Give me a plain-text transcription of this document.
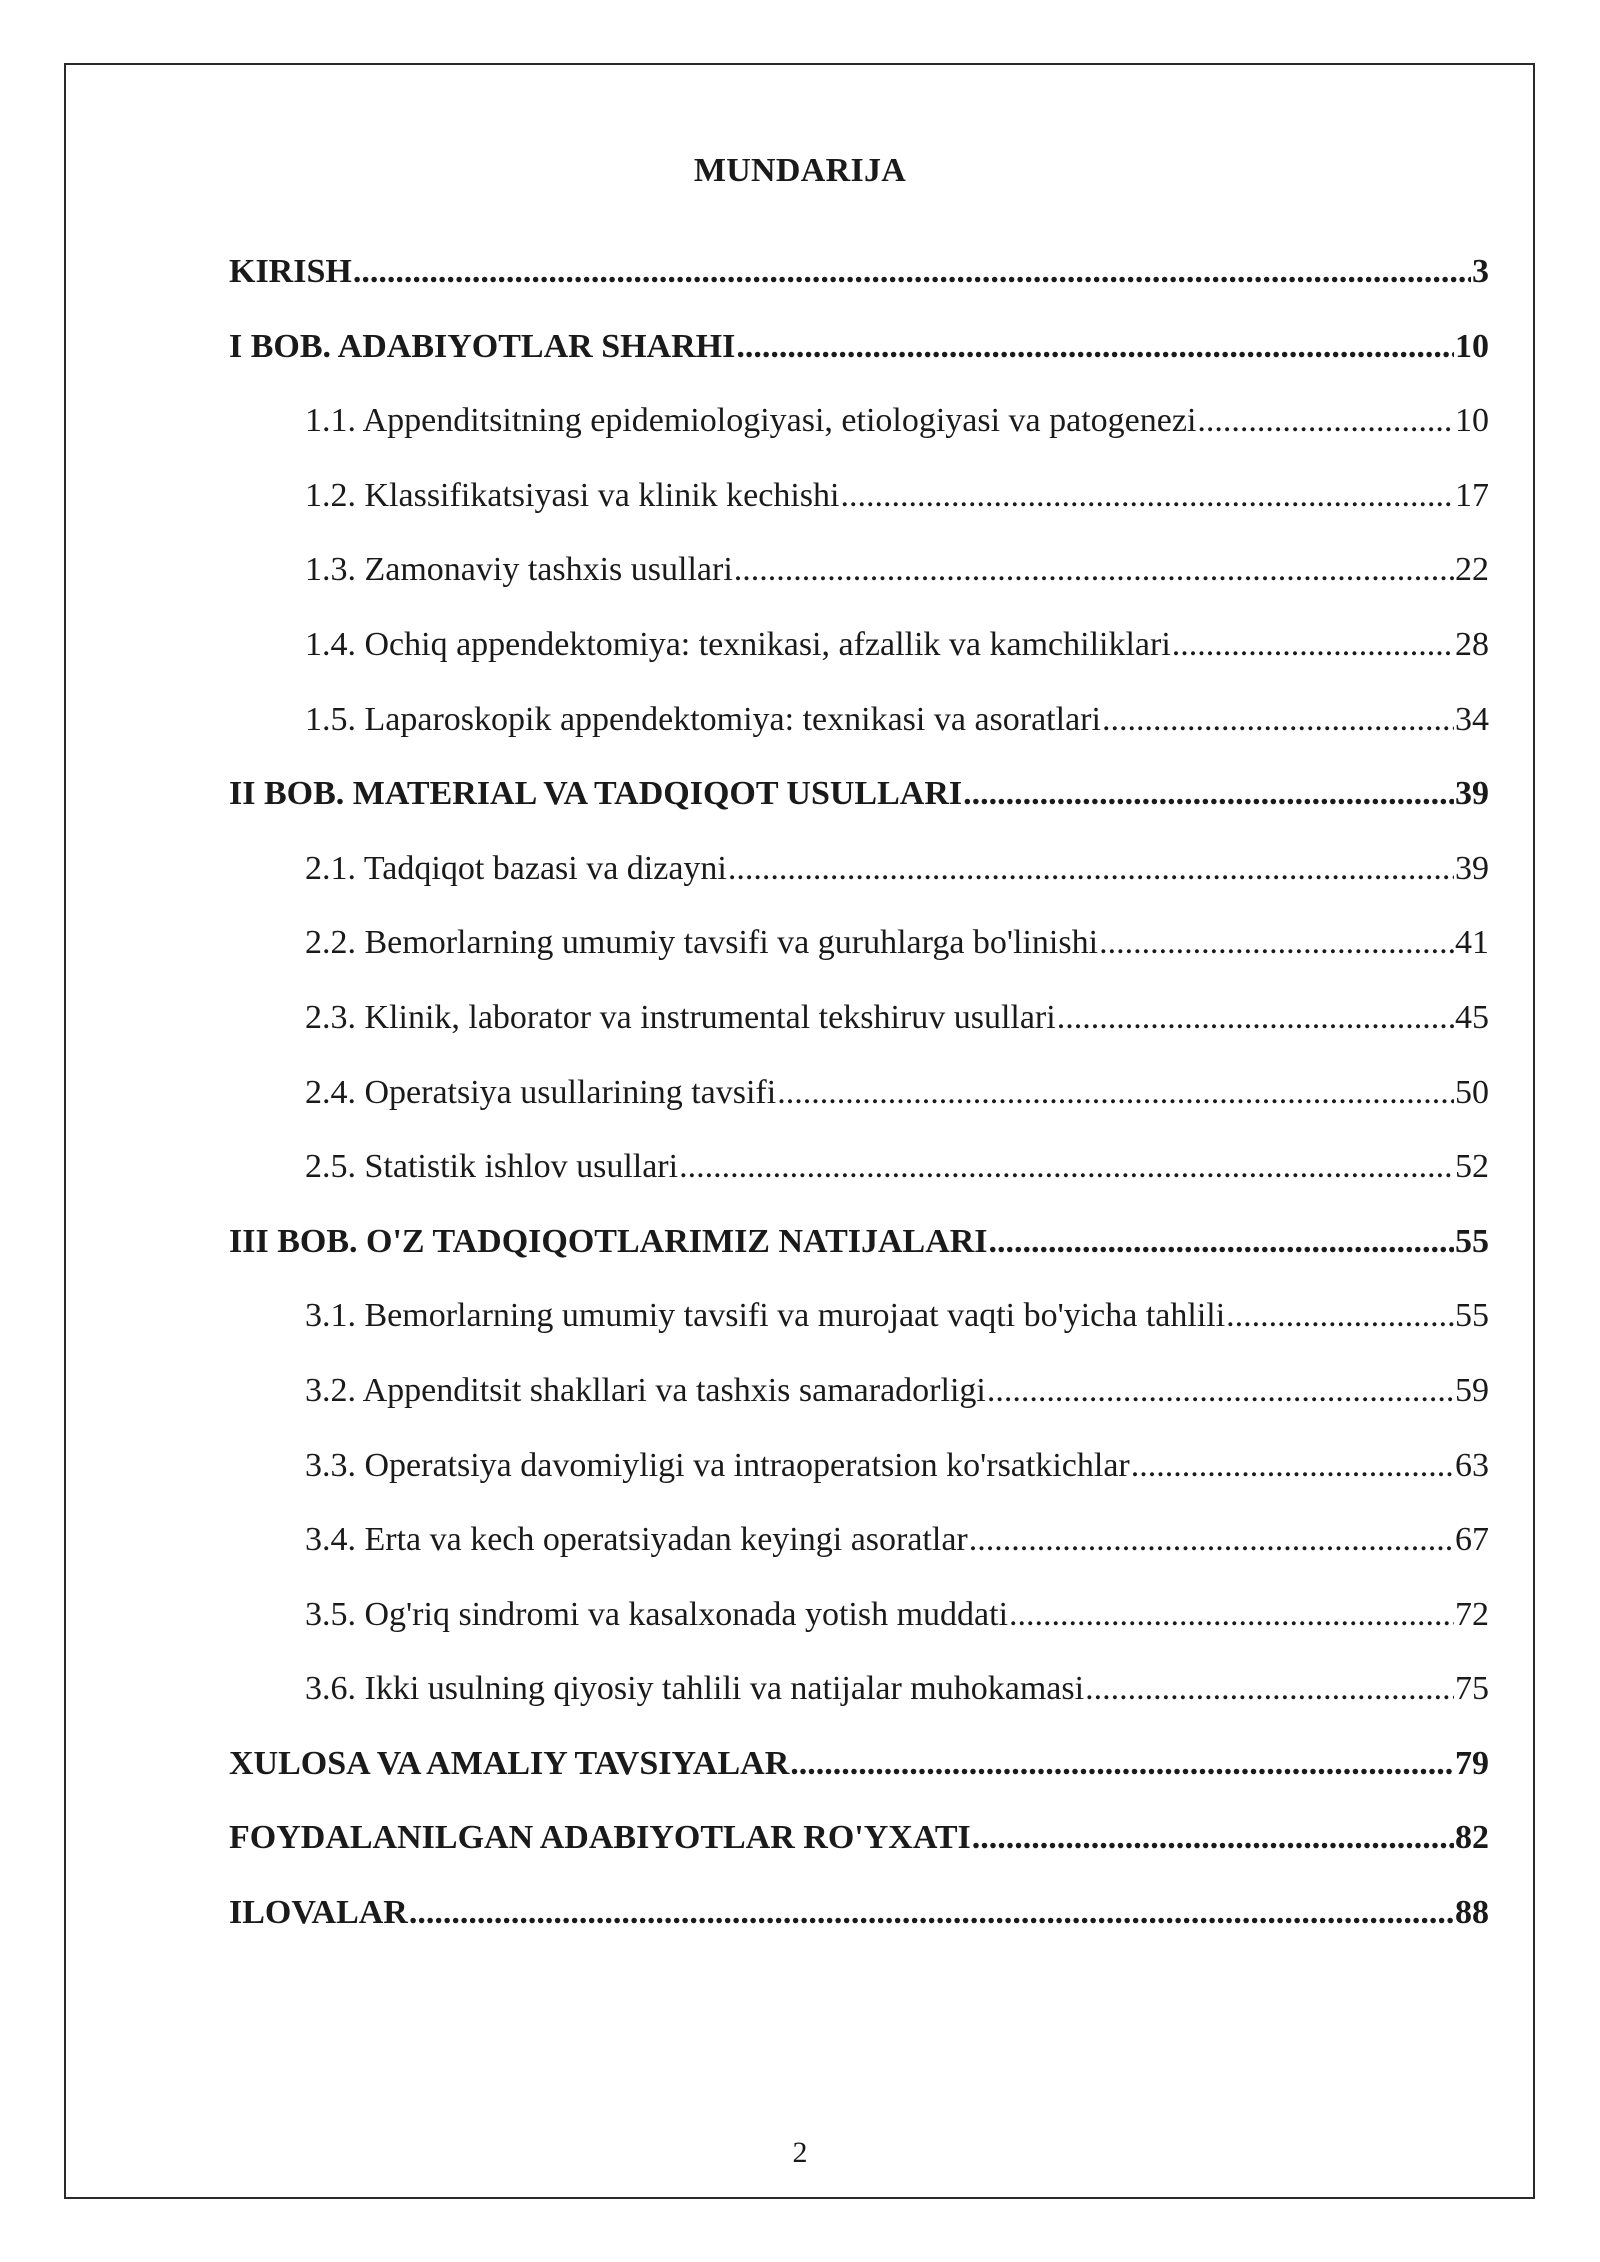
MUNDARIJA
KIRISH .....	3
I BOB. ADABIYOTLAR SHARHI .....	10
1.1. Appenditsitning epidemiologiyasi, etiologiyasi va patogenezi .....	10
1.2. Klassifikatsiyasi va klinik kechishi .....	17
1.3. Zamonaviy tashxis usullari .....	22
1.4. Ochiq appendektomiya: texnikasi, afzallik va kamchiliklari .....	28
1.5. Laparoskopik appendektomiya: texnikasi va asoratlari .....	34
II BOB. MATERIAL VA TADQIQOT USULLARI .....	39
2.1. Tadqiqot bazasi va dizayni .....	39
2.2. Bemorlarning umumiy tavsifi va guruhlarga bo'linishi .....	41
2.3. Klinik, laborator va instrumental tekshiruv usullari .....	45
2.4. Operatsiya usullarining tavsifi .....	50
2.5. Statistik ishlov usullari .....	52
III BOB. O'Z TADQIQOTLARIMIZ NATIJALARI .....	55
3.1. Bemorlarning umumiy tavsifi va murojaat vaqti bo'yicha tahlili .....	55
3.2. Appenditsit shakllari va tashxis samaradorligi .....	59
3.3. Operatsiya davomiyligi va intraoperatsion ko'rsatkichlar .....	63
3.4. Erta va kech operatsiyadan keyingi asoratlar .....	67
3.5. Og'riq sindromi va kasalxonada yotish muddati .....	72
3.6. Ikki usulning qiyosiy tahlili va natijalar muhokamasi .....	75
XULOSA VA AMALIY TAVSIYALAR .....	79
FOYDALANILGAN ADABIYOTLAR RO'YXATI .....	82
ILOVALAR .....	88
2
